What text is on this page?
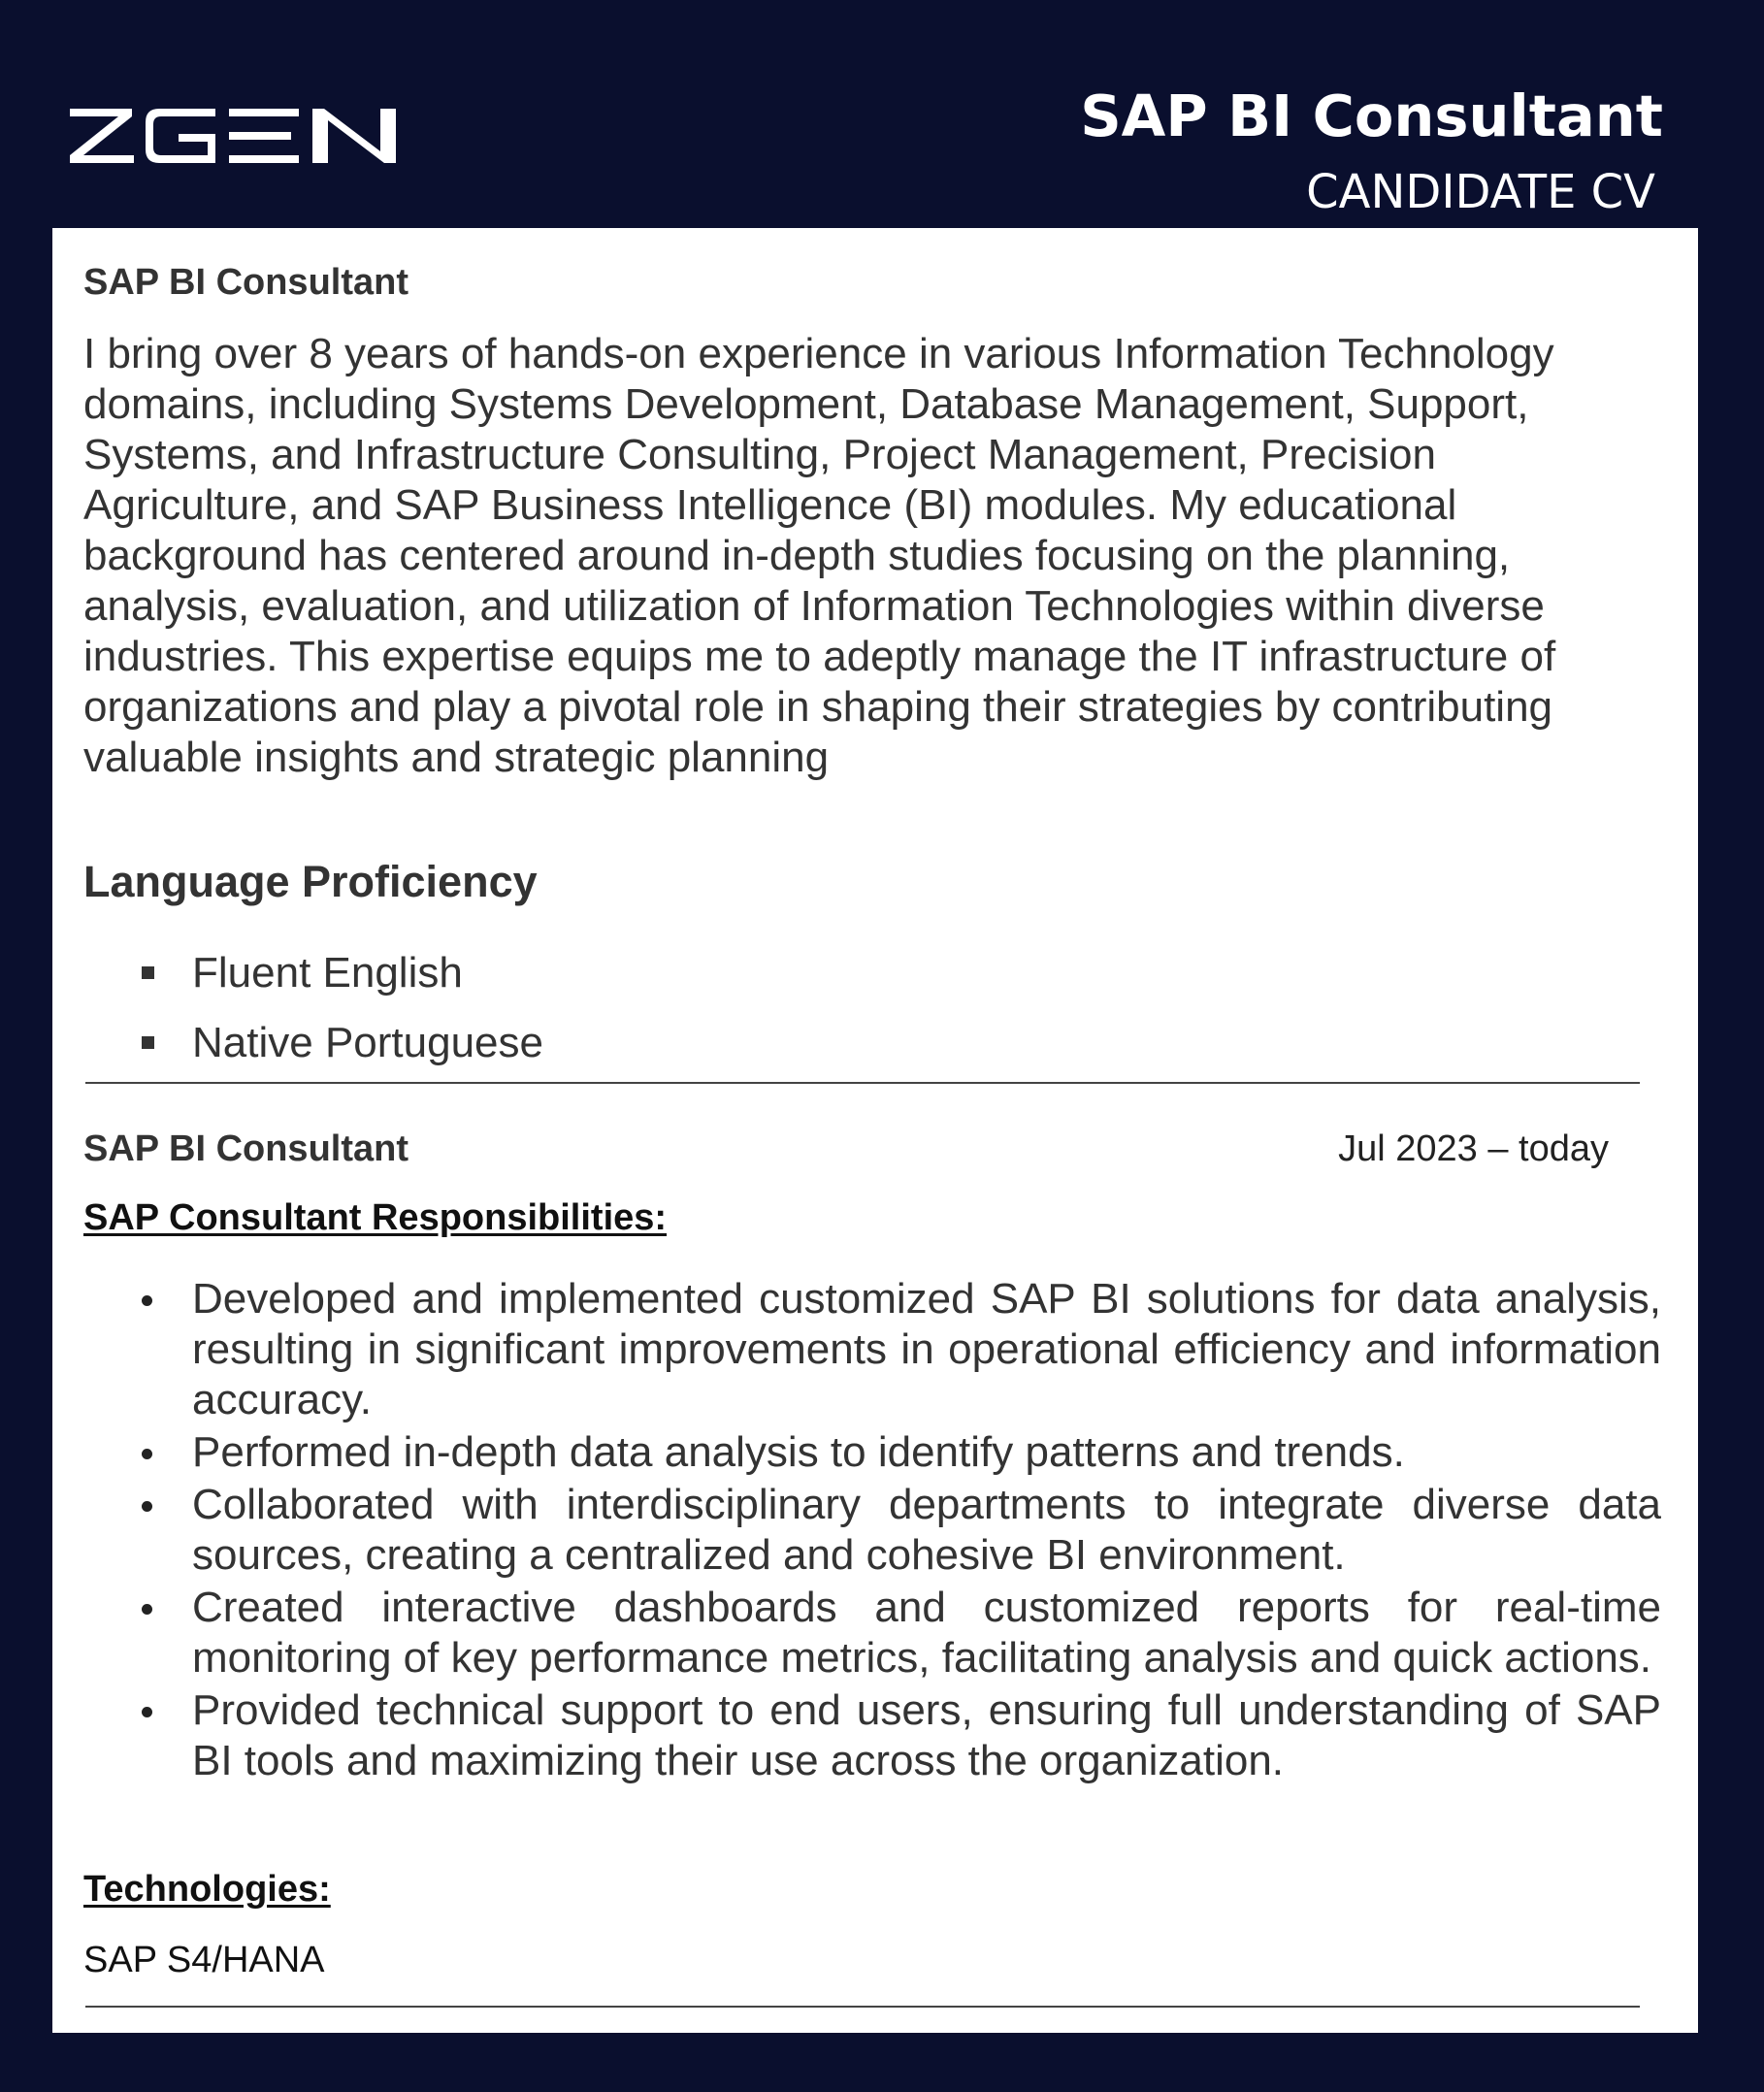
SAP BI Consultant
CANDIDATE CV
SAP BI Consultant
I bring over 8 years of hands-on experience in various Information Technology domains, including Systems Development, Database Management, Support, Systems, and Infrastructure Consulting, Project Management, Precision Agriculture, and SAP Business Intelligence (BI) modules. My educational background has centered around in-depth studies focusing on the planning, analysis, evaluation, and utilization of Information Technologies within diverse industries. This expertise equips me to adeptly manage the IT infrastructure of organizations and play a pivotal role in shaping their strategies by contributing valuable insights and strategic planning
Language Proficiency
Fluent English
Native Portuguese
SAP BI Consultant	Jul 2023 – today
SAP Consultant Responsibilities:
Developed and implemented customized SAP BI solutions for data analysis, resulting in significant improvements in operational efficiency and information accuracy.
Performed in-depth data analysis to identify patterns and trends.
Collaborated with interdisciplinary departments to integrate diverse data sources, creating a centralized and cohesive BI environment.
Created interactive dashboards and customized reports for real-time monitoring of key performance metrics, facilitating analysis and quick actions.
Provided technical support to end users, ensuring full understanding of SAP BI tools and maximizing their use across the organization.
Technologies:
SAP S4/HANA
